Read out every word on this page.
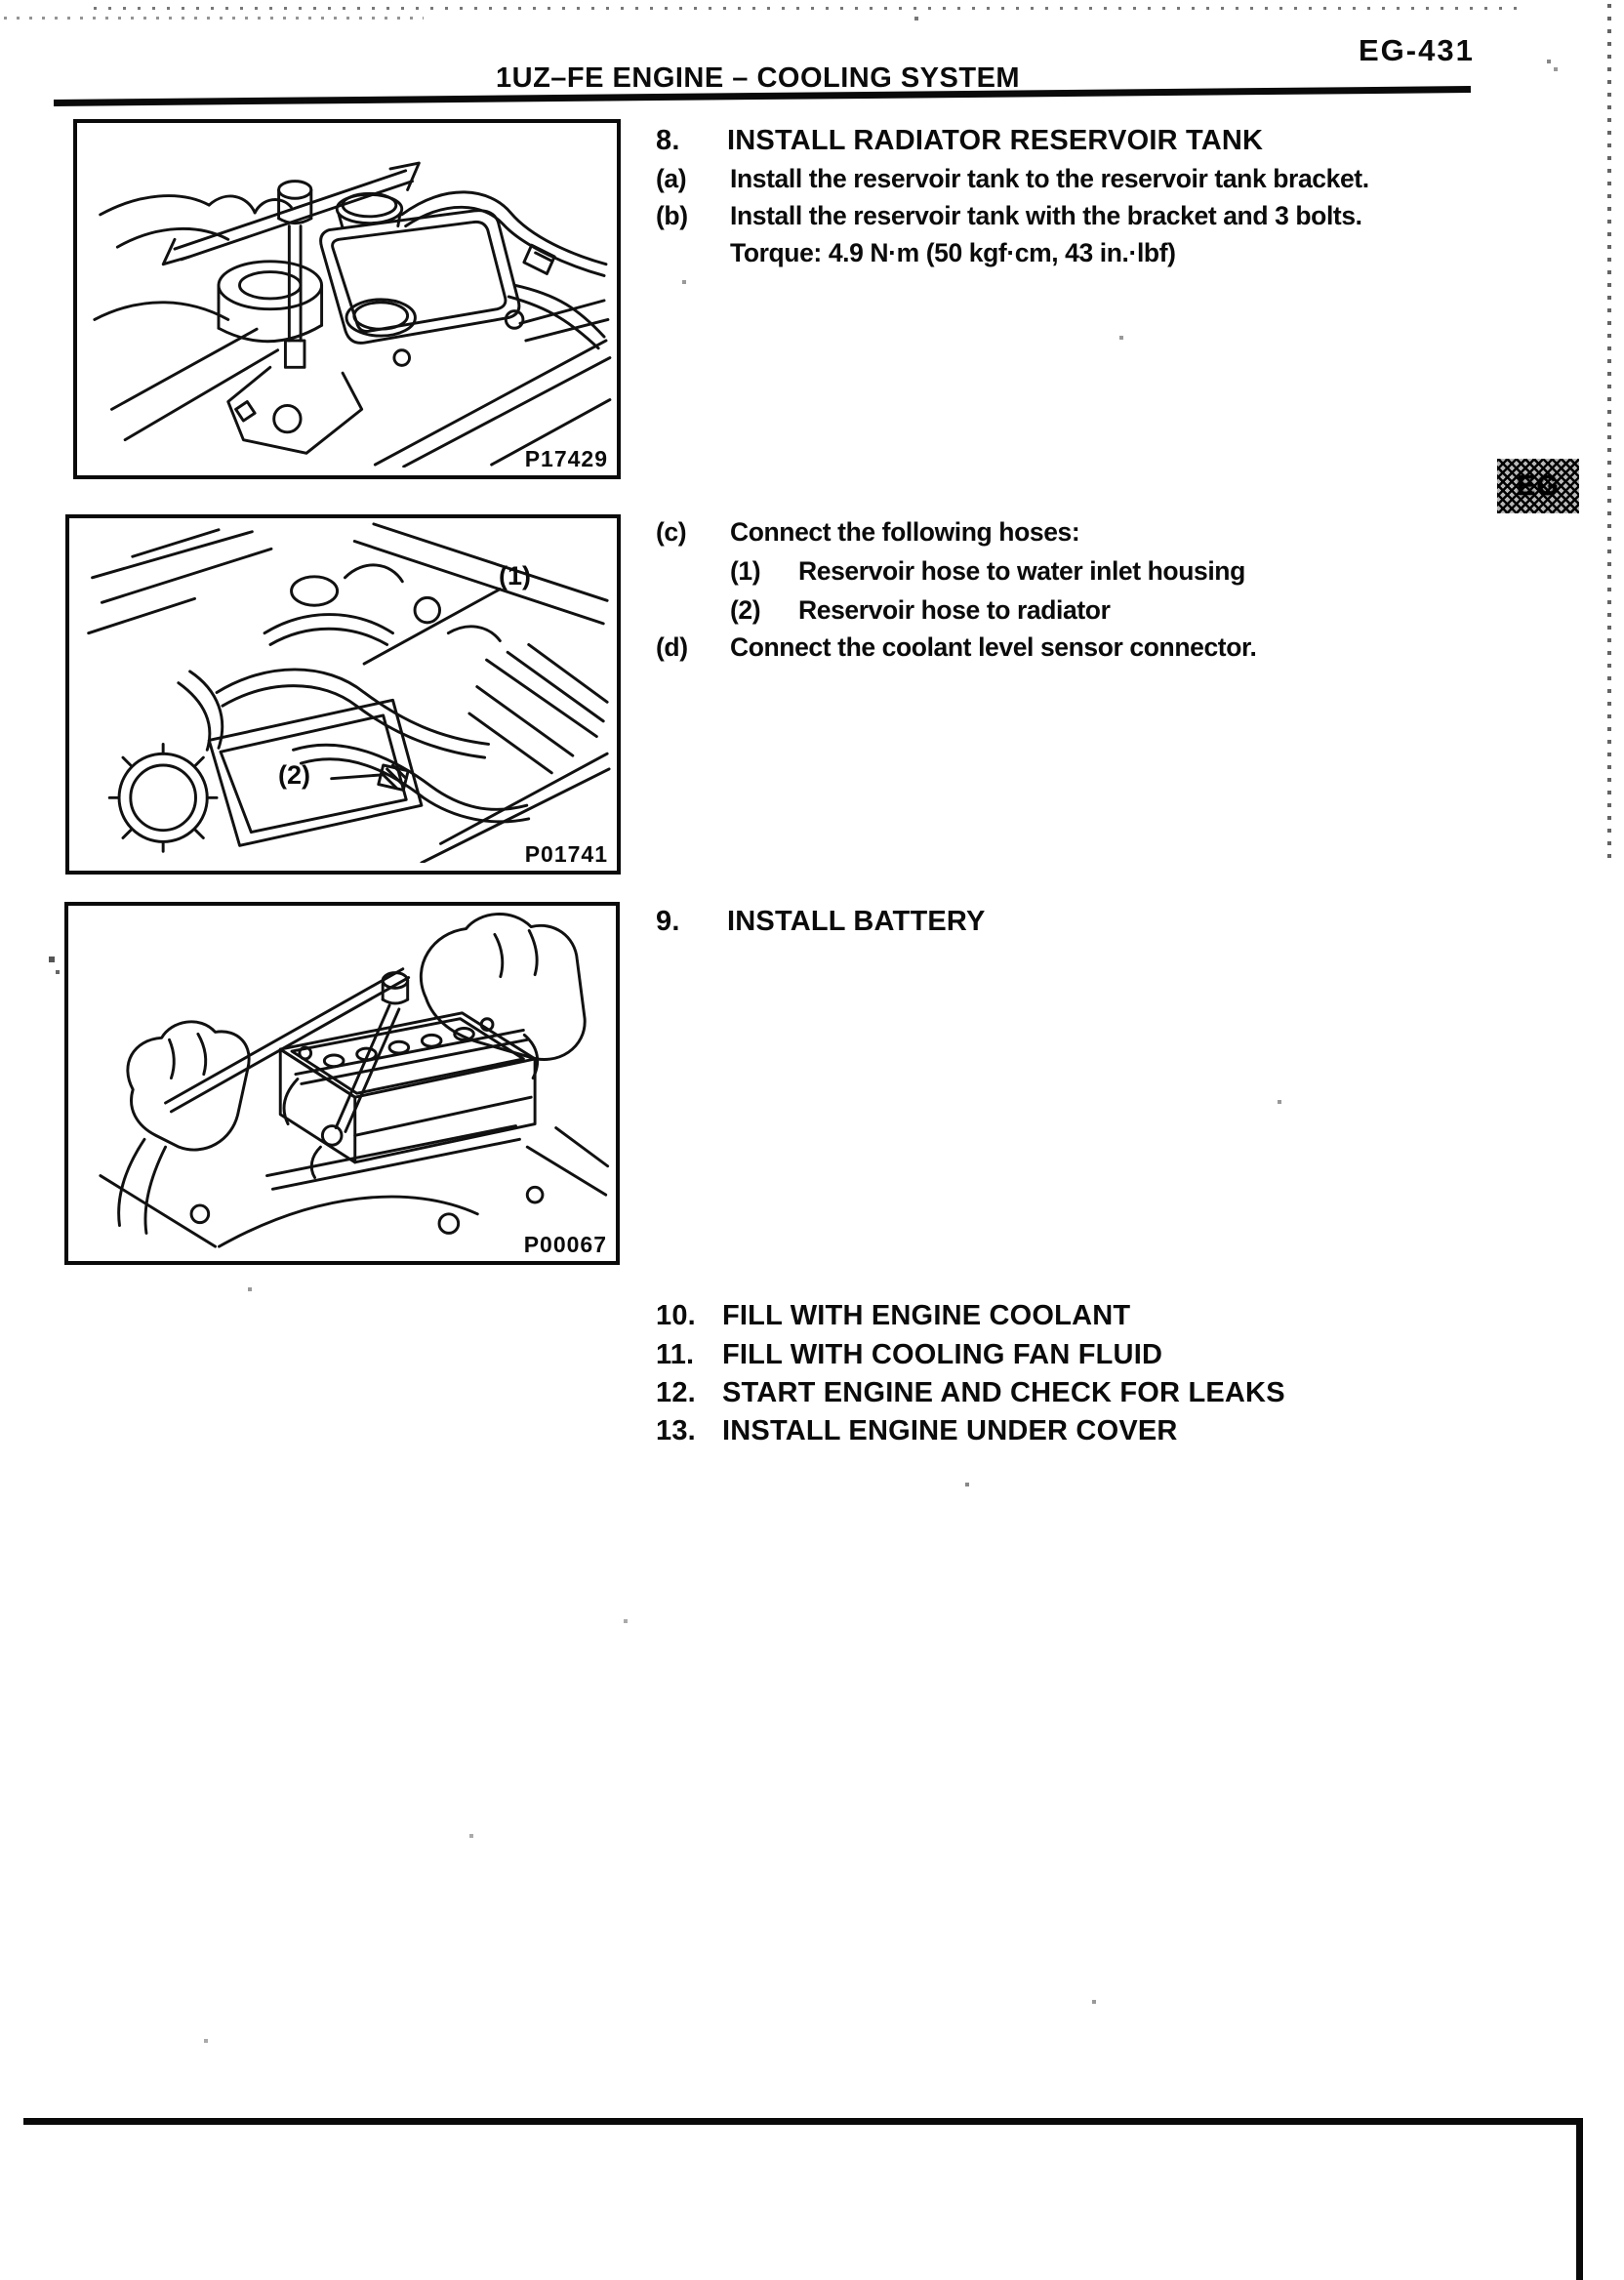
1UZ–FE ENGINE – COOLING SYSTEM
EG-431
EG
P17429
(1)
(2)
P01741
P00067
8.	INSTALL RADIATOR RESERVOIR TANK
(a)	Install the reservoir tank to the reservoir tank bracket.
(b)	Install the reservoir tank with the bracket and 3 bolts.
Torque: 4.9 N·m (50 kgf·cm, 43 in.·lbf)
(c)	Connect the following hoses:
(1)	Reservoir hose to water inlet housing
(2)	Reservoir hose to radiator
(d)	Connect the coolant level sensor connector.
9.	INSTALL BATTERY
10. FILL WITH ENGINE COOLANT
11. FILL WITH COOLING FAN FLUID
12. START ENGINE AND CHECK FOR LEAKS
13. INSTALL ENGINE UNDER COVER
